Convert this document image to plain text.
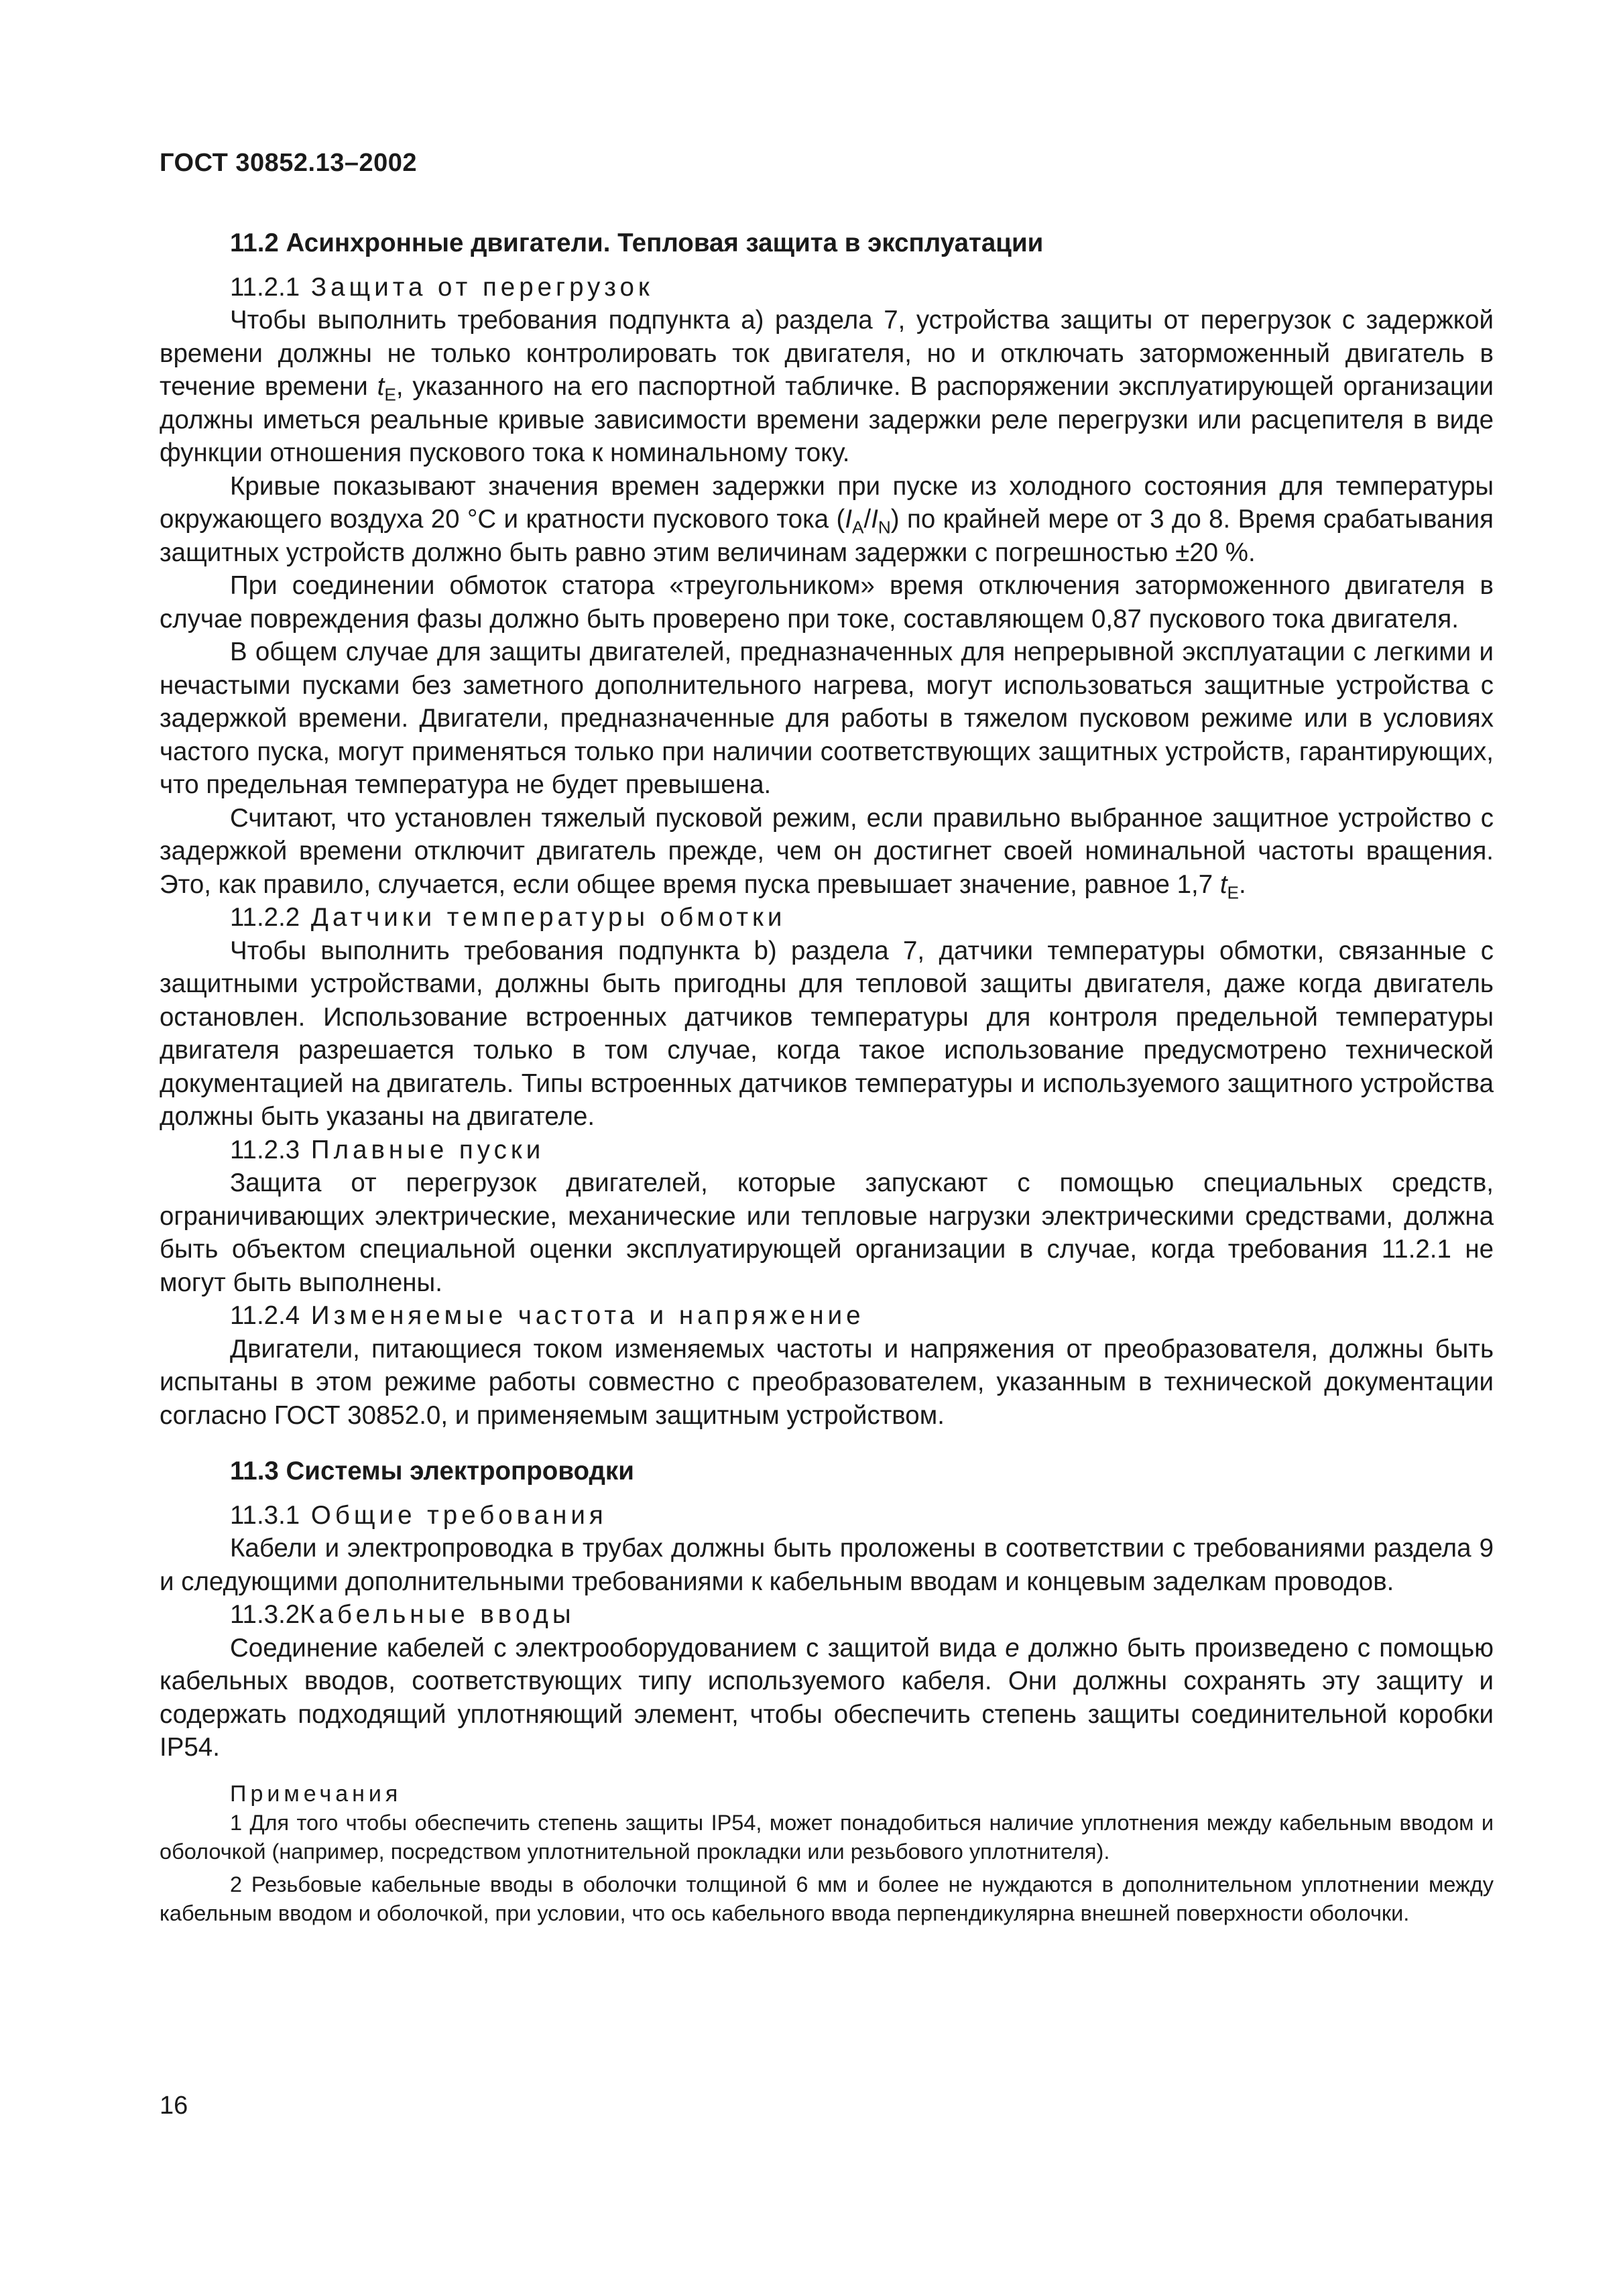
ГОСТ 30852.13–2002

11.2 Асинхронные двигатели. Тепловая защита в эксплуатации

11.2.1 Защита от перегрузок

Чтобы выполнить требования подпункта а) раздела 7, устройства защиты от перегрузок с задержкой времени должны не только контролировать ток двигателя, но и отключать заторможенный двигатель в течение времени $t_E$, указанного на его паспортной табличке. В распоряжении эксплуатирующей организации должны иметься реальные кривые зависимости времени задержки реле перегрузки или расцепителя в виде функции отношения пускового тока к номинальному току.

Кривые показывают значения времен задержки при пуске из холодного состояния для температуры окружающего воздуха 20 °С и кратности пускового тока $(I_A/I_N)$ по крайней мере от 3 до 8. Время срабатывания защитных устройств должно быть равно этим величинам задержки с погрешностью ±20 %.

При соединении обмоток статора «треугольником» время отключения заторможенного двигателя в случае повреждения фазы должно быть проверено при токе, составляющем 0,87 пускового тока двигателя.

В общем случае для защиты двигателей, предназначенных для непрерывной эксплуатации с легкими и нечастыми пусками без заметного дополнительного нагрева, могут использоваться защитные устройства с задержкой времени. Двигатели, предназначенные для работы в тяжелом пусковом режиме или в условиях частого пуска, могут применяться только при наличии соответствующих защитных устройств, гарантирующих, что предельная температура не будет превышена.

Считают, что установлен тяжелый пусковой режим, если правильно выбранное защитное устройство с задержкой времени отключит двигатель прежде, чем он достигнет своей номинальной частоты вращения. Это, как правило, случается, если общее время пуска превышает значение, равное 1,7 $t_E$.

11.2.2 Датчики температуры обмотки

Чтобы выполнить требования подпункта b) раздела 7, датчики температуры обмотки, связанные с защитными устройствами, должны быть пригодны для тепловой защиты двигателя, даже когда двигатель остановлен. Использование встроенных датчиков температуры для контроля предельной температуры двигателя разрешается только в том случае, когда такое использование предусмотрено технической документацией на двигатель. Типы встроенных датчиков температуры и используемого защитного устройства должны быть указаны на двигателе.

11.2.3 Плавные пуски

Защита от перегрузок двигателей, которые запускают с помощью специальных средств, ограничивающих электрические, механические или тепловые нагрузки электрическими средствами, должна быть объектом специальной оценки эксплуатирующей организации в случае, когда требования 11.2.1 не могут быть выполнены.

11.2.4 Изменяемые частота и напряжение

Двигатели, питающиеся током изменяемых частоты и напряжения от преобразователя, должны быть испытаны в этом режиме работы совместно с преобразователем, указанным в технической документации согласно ГОСТ 30852.0, и применяемым защитным устройством.

11.3 Системы электропроводки

11.3.1 Общие требования

Кабели и электропроводка в трубах должны быть проложены в соответствии с требованиями раздела 9 и следующими дополнительными требованиями к кабельным вводам и концевым заделкам проводов.

11.3.2Кабельные вводы

Соединение кабелей с электрооборудованием с защитой вида е должно быть произведено с помощью кабельных вводов, соответствующих типу используемого кабеля. Они должны сохранять эту защиту и содержать подходящий уплотняющий элемент, чтобы обеспечить степень защиты соединительной коробки IP54.

Примечания

1 Для того чтобы обеспечить степень защиты IP54, может понадобиться наличие уплотнения между кабельным вводом и оболочкой (например, посредством уплотнительной прокладки или резьбового уплотнителя).

2 Резьбовые кабельные вводы в оболочки толщиной 6 мм и более не нуждаются в дополнительном уплотнении между кабельным вводом и оболочкой, при условии, что ось кабельного ввода перпендикулярна внешней поверхности оболочки.

16
